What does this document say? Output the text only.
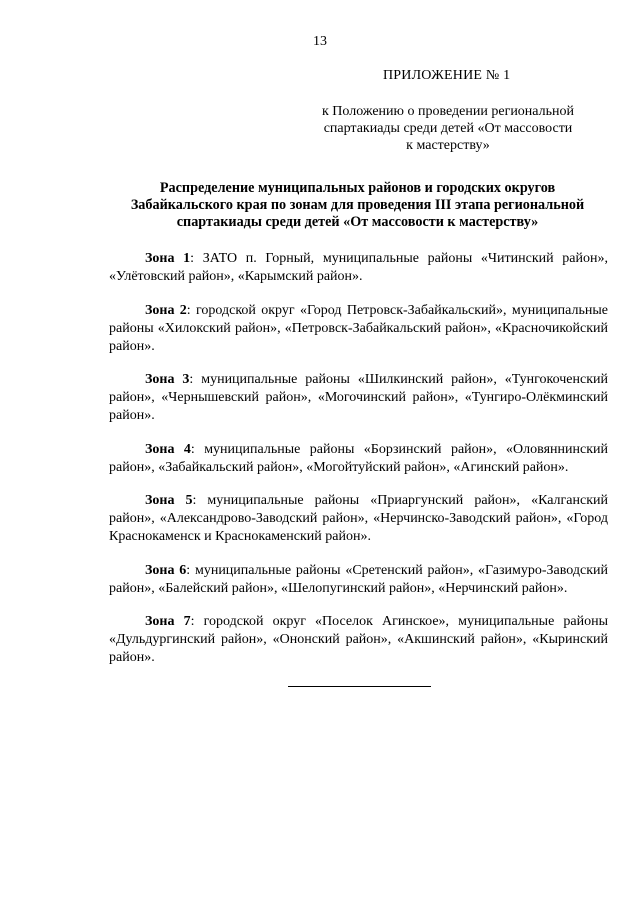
13
ПРИЛОЖЕНИЕ № 1
к Положению о проведении региональной
спартакиады среди детей «От массовости
к мастерству»
Распределение муниципальных районов и городских округов
Забайкальского края по зонам для проведения III этапа региональной
спартакиады среди детей «От массовости к мастерству»

Зона 1: ЗАТО п. Горный, муниципальные районы «Читинский район», «Улётовский район», «Карымский район».

Зона 2: городской округ «Город Петровск-Забайкальский», муниципальные районы «Хилокский район», «Петровск-Забайкальский район», «Красночикойский район».

Зона 3: муниципальные районы «Шилкинский район», «Тунгокоченский район», «Чернышевский район», «Могочинский район», «Тунгиро-Олёкминский район».

Зона 4: муниципальные районы «Борзинский район», «Оловяннинский район», «Забайкальский район», «Могойтуйский район», «Агинский район».

Зона 5: муниципальные районы «Приаргунский район», «Калганский район», «Александрово-Заводский район», «Нерчинско-Заводский район», «Город Краснокаменск и Краснокаменский район».

Зона 6: муниципальные районы «Сретенский район», «Газимуро-Заводский район», «Балейский район», «Шелопугинский район», «Нерчинский район».

Зона 7: городской округ «Поселок Агинское», муниципальные районы «Дульдургинский район», «Ононский район», «Акшинский район», «Кыринский район».
